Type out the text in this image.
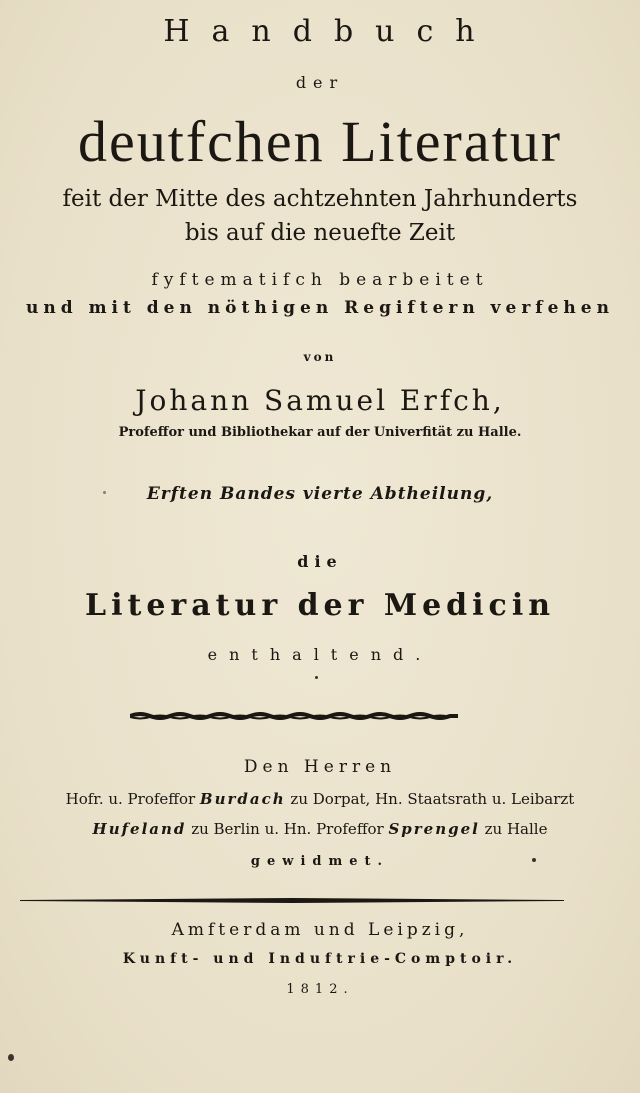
Handbuch
der
deutfchen Literatur
feit der Mitte des achtzehnten Jahrhunderts
bis auf die neuefte Zeit
fyftematifch bearbeitet
und mit den nöthigen Regiftern verfehen
von
Johann Samuel Erfch,
Profeffor und Bibliothekar auf der Univerfität zu Halle.
Erften Bandes vierte Abtheilung,
die
Literatur der Medicin
enthaltend.
Den Herren
Hofr. u. Profeffor Burdach zu Dorpat, Hn. Staatsrath u. Leibarzt
Hufeland zu Berlin u. Hn. Profeffor Sprengel zu Halle
gewidmet.
Amfterdam und Leipzig,
Kunft- und Induftrie-Comptoir.
1812.
